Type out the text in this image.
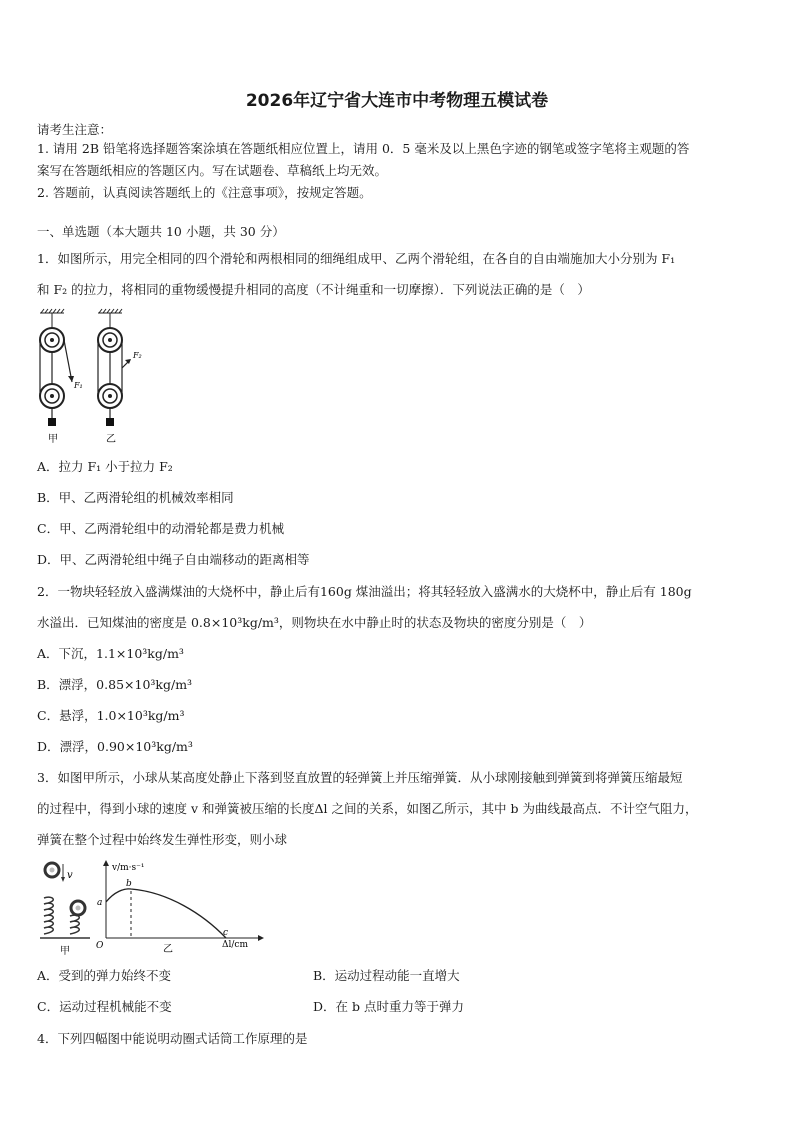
2026年辽宁省大连市中考物理五模试卷
请考生注意：
1. 请用 2B 铅笔将选择题答案涂填在答题纸相应位置上，请用 0．5 毫米及以上黑色字迹的钢笔或签字笔将主观题的答
案写在答题纸相应的答题区内。写在试题卷、草稿纸上均无效。
2. 答题前，认真阅读答题纸上的《注意事项》，按规定答题。
一、单选题（本大题共 10 小题，共 30 分）
1．如图所示，用完全相同的四个滑轮和两根相同的细绳组成甲、乙两个滑轮组，在各自的自由端施加大小分别为 F₁
和 F₂ 的拉力，将相同的重物缓慢提升相同的高度（不计绳重和一切摩擦）．下列说法正确的是（　）
F₁
F₂
甲	乙
A．拉力 F₁ 小于拉力 F₂
B．甲、乙两滑轮组的机械效率相同
C．甲、乙两滑轮组中的动滑轮都是费力机械
D．甲、乙两滑轮组中绳子自由端移动的距离相等
2．一物块轻轻放入盛满煤油的大烧杯中，静止后有160g 煤油溢出；将其轻轻放入盛满水的大烧杯中，静止后有 180g
水溢出．已知煤油的密度是 0.8×10³kg/m³，则物块在水中静止时的状态及物块的密度分别是（　）
A．下沉，1.1×10³kg/m³
B．漂浮，0.85×10³kg/m³
C．悬浮，1.0×10³kg/m³
D．漂浮，0.90×10³kg/m³
3．如图甲所示，小球从某高度处静止下落到竖直放置的轻弹簧上并压缩弹簧．从小球刚接触到弹簧到将弹簧压缩最短
的过程中，得到小球的速度 v 和弹簧被压缩的长度Δl 之间的关系，如图乙所示，其中 b 为曲线最高点．不计空气阻力，
弹簧在整个过程中始终发生弹性形变，则小球
v
甲
v/m·s⁻¹
Δl/cm
a
b
c
O	乙
A．受到的弹力始终不变	B．运动过程动能一直增大
C．运动过程机械能不变	D．在 b 点时重力等于弹力
4．下列四幅图中能说明动圈式话筒工作原理的是
